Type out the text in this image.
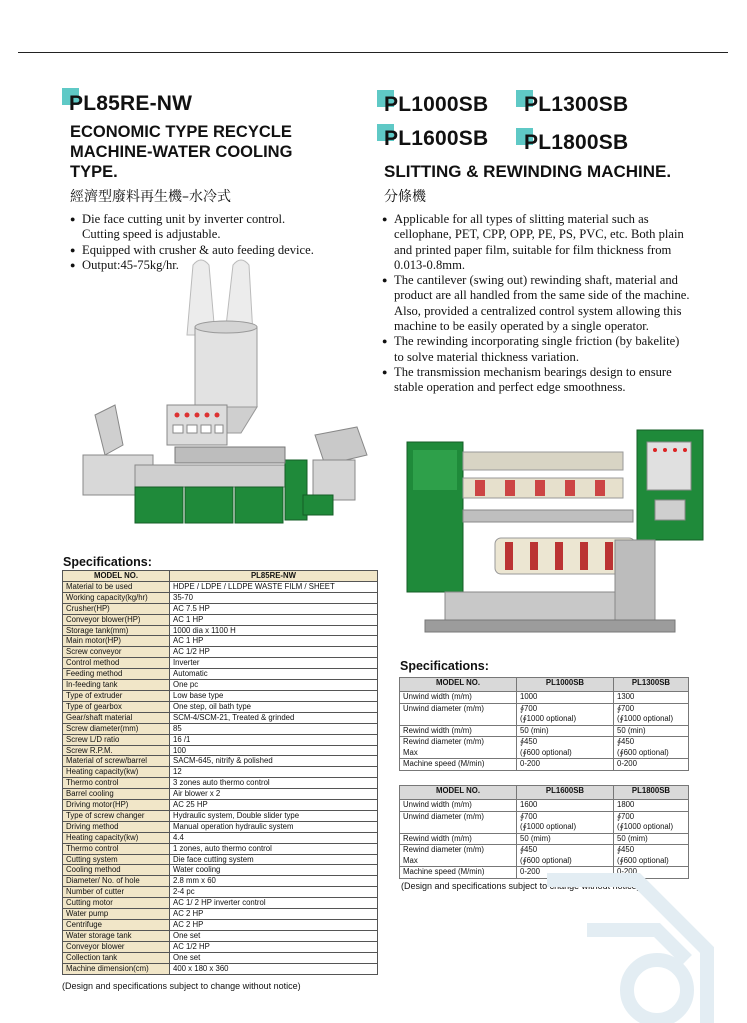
PL85RE-NW
ECONOMIC TYPE RECYCLE
MACHINE-WATER COOLING
TYPE.
經濟型廢料再生機–水冷式
● Die face cutting unit by inverter control.
Cutting speed is adjustable.
● Equipped with crusher & auto feeding device.
● Output:45-75kg/hr.
Specifications:
MODEL NO.	PL85RE-NW
Material to be used	HDPE / LDPE / LLDPE WASTE FILM / SHEET
Working capacity(kg/hr)	35-70
Crusher(HP)	AC 7.5 HP
Conveyor blower(HP)	AC 1 HP
Storage tank(mm)	1000 dia x 1100 H
Main motor(HP)	AC 1 HP
Screw conveyor	AC 1/2 HP
Control method	Inverter
Feeding method	Automatic
In-feeding tank	One pc
Type of extruder	Low base type
Type of gearbox	One step, oil bath type
Gear/shaft material	SCM-4/SCM-21, Treated & grinded
Screw diameter(mm)	85
Screw L/D ratio	16 /1
Screw R.P.M.	100
Material of screw/barrel	SACM-645, nitrify & polished
Heating capacity(kw)	12
Thermo control	3 zones auto thermo control
Barrel cooling	Air blower x 2
Driving motor(HP)	AC 25 HP
Type of screw changer	Hydraulic system, Double slider type
Driving method	Manual operation hydraulic system
Heating capacity(kw)	4.4
Thermo control	1 zones, auto thermo control
Cutting system	Die face cutting system
Cooling method	Water cooling
Diameter/ No. of hole	2.8 mm x 60
Number of cutter	2-4 pc
Cutting motor	AC 1/ 2 HP inverter control
Water pump	AC 2 HP
Centrifuge	AC 2 HP
Water storage tank	One set
Conveyor blower	AC 1/2 HP
Collection tank	One set
Machine dimension(cm)	400 x 180 x 360
(Design and specifications subject to change without notice)
PL1000SB PL1300SB
PL1600SB PL1800SB
SLITTING & REWINDING MACHINE.
分條機
● Applicable for all types of slitting material such as cellophane, PET, CPP, OPP, PE, PS, PVC, etc. Both plain and printed paper film, suitable for film thickness from 0.013-0.8mm.
● The cantilever (swing out) rewinding shaft, material and product are all handled from the same side of the machine. Also, provided a centralized control system allowing this machine to be easily operated by a single operator.
● The rewinding incorporating single friction (by bakelite) to solve material thickness variation.
● The transmission mechanism bearings design to ensure stable operation and perfect edge smoothness.
Specifications:
MODEL NO.	PL1000SB	PL1300SB
Unwind width (m/m)	1000	1300
Unwind diameter (m/m)	∮700
(∮1000 optional)	∮700
(∮1000 optional)
Rewind width (m/m)	50 (min)	50 (min)
Rewind diameter (m/m)
Max	∮450
(∮600 optional)	∮450
(∮600 optional)
Machine speed (M/min)	0-200	0-200
MODEL NO.	PL1600SB	PL1800SB
Unwind width (m/m)	1600	1800
Unwind diameter (m/m)	∮700
(∮1000 optional)	∮700
(∮1000 optional)
Rewind width (m/m)	50 (mim)	50 (mim)
Rewind diameter (m/m)
Max	∮450
(∮600 optional)	∮450
(∮600 optional)
Machine speed (M/min)	0-200	0-200
(Design and specifications subject to change without notice)
